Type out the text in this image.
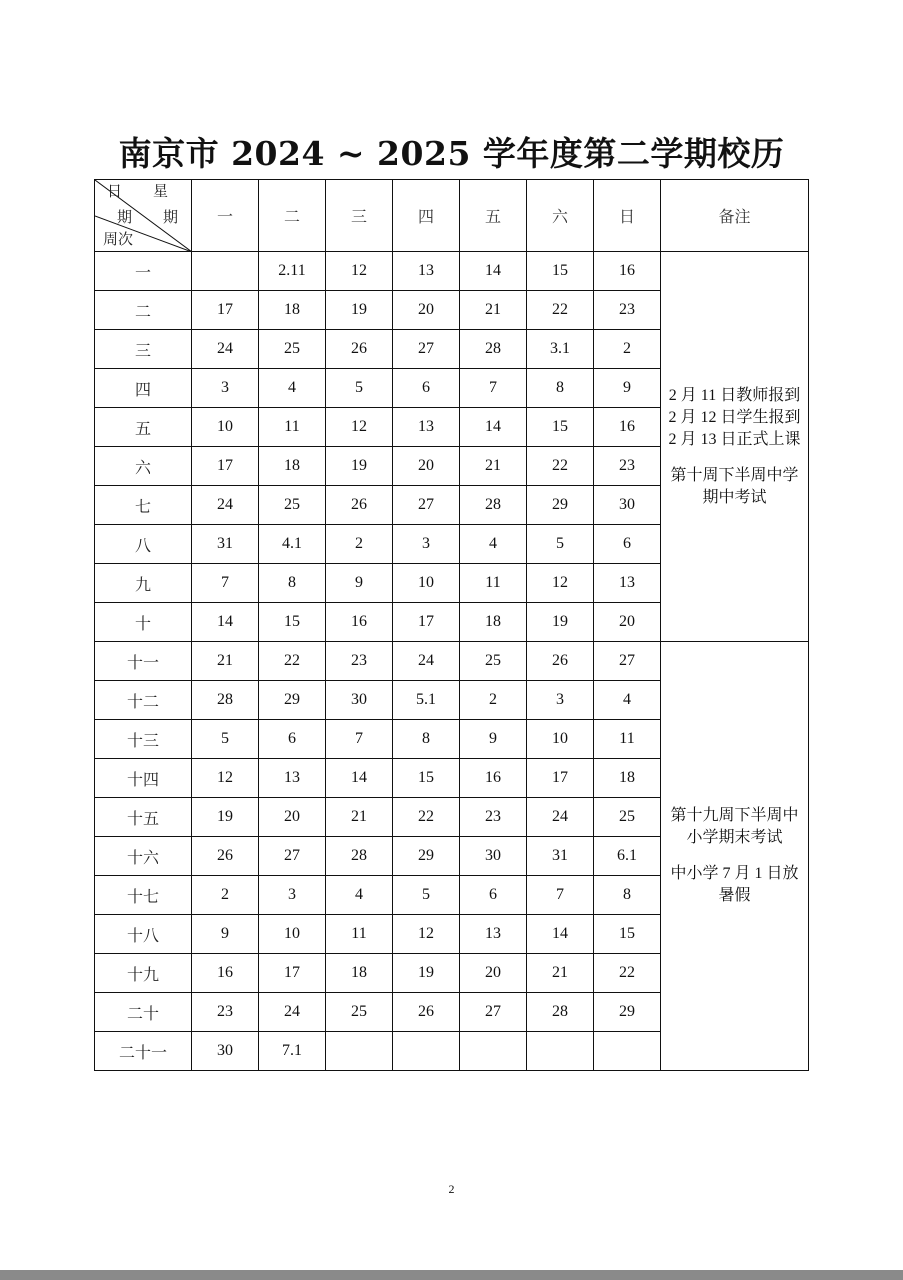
南京市 2024 ~ 2025 学年度第二学期校历
日 星
期 期
周次	一	二	三	四	五	六	日	备注
一		2.11	12	13	14	15	16	2 月 11 日教师报到
2 月 12 日学生报到
2 月 13 日正式上课
第十周下半周中学
期中考试

二	17	18	19	20	21	22	23	
三	24	25	26	27	28	3.1	2	
四	3	4	5	6	7	8	9	
五	10	11	12	13	14	15	16	
六	17	18	19	20	21	22	23	
七	24	25	26	27	28	29	30	
八	31	4.1	2	3	4	5	6	
九	7	8	9	10	11	12	13	
十	14	15	16	17	18	19	20	
十一	21	22	23	24	25	26	27	第十九周下半周中
小学期末考试
中小学 7 月 1 日放
暑假

十二	28	29	30	5.1	2	3	4	
十三	5	6	7	8	9	10	11	
十四	12	13	14	15	16	17	18	
十五	19	20	21	22	23	24	25	
十六	26	27	28	29	30	31	6.1	
十七	2	3	4	5	6	7	8	
十八	9	10	11	12	13	14	15	
十九	16	17	18	19	20	21	22	
二十	23	24	25	26	27	28	29	
二十一	30	7.1						
2
